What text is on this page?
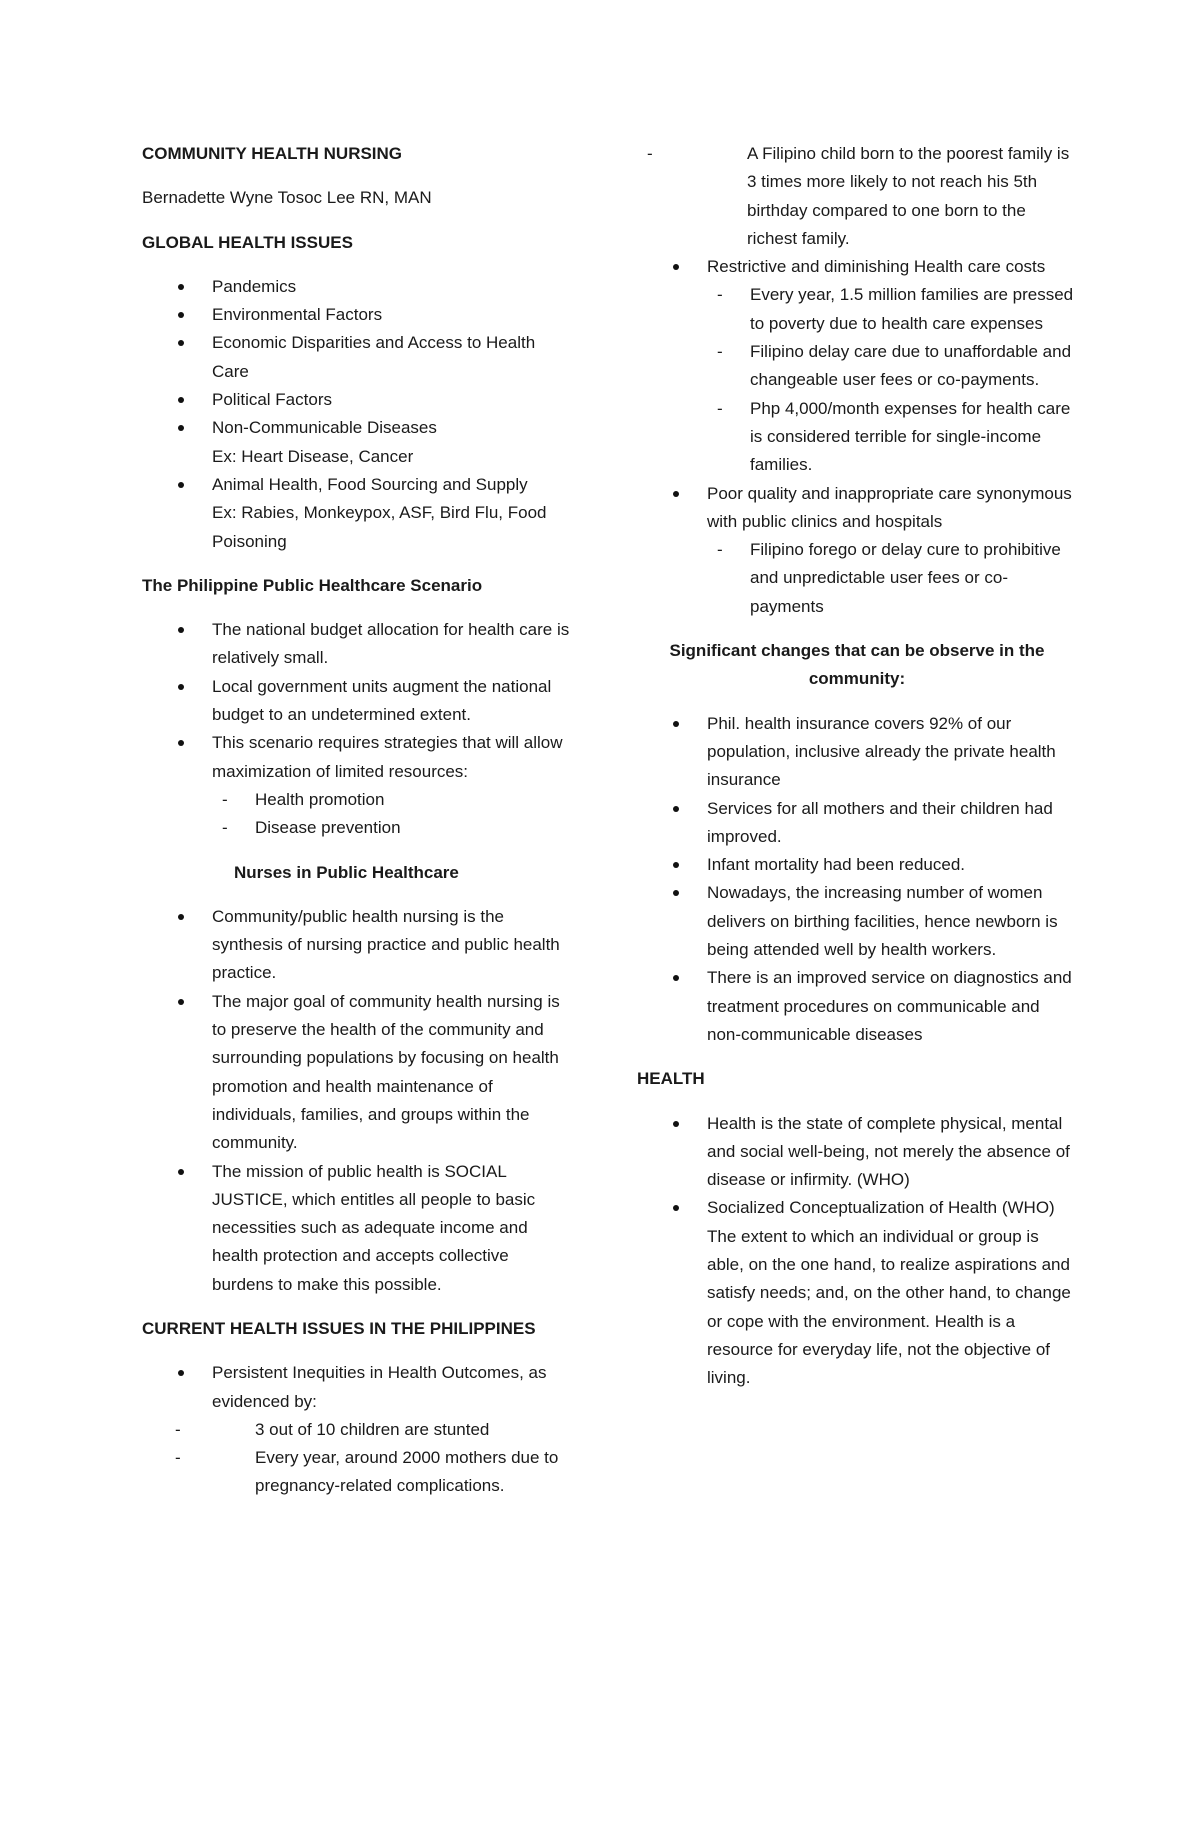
COMMUNITY HEALTH NURSING

Bernadette Wyne Tosoc Lee RN, MAN

GLOBAL HEALTH ISSUES

Pandemics
Environmental Factors
Economic Disparities and Access to Health Care
Political Factors
Non-Communicable Diseases
Ex: Heart Disease, Cancer
Animal Health, Food Sourcing and Supply
Ex: Rabies, Monkeypox, ASF, Bird Flu, Food Poisoning

The Philippine Public Healthcare Scenario

The national budget allocation for health care is relatively small.
Local government units augment the national budget to an undetermined extent.
This scenario requires strategies that will allow maximization of limited resources:
- Health promotion
- Disease prevention

Nurses in Public Healthcare

Community/public health nursing is the synthesis of nursing practice and public health practice.
The major goal of community health nursing is to preserve the health of the community and surrounding populations by focusing on health promotion and health maintenance of individuals, families, and groups within the community.
The mission of public health is SOCIAL JUSTICE, which entitles all people to basic necessities such as adequate income and health protection and accepts collective burdens to make this possible.

CURRENT HEALTH ISSUES IN THE PHILIPPINES

Persistent Inequities in Health Outcomes, as evidenced by:
- 3 out of 10 children are stunted
- Every year, around 2000 mothers due to pregnancy-related complications.
- A Filipino child born to the poorest family is 3 times more likely to not reach his 5th birthday compared to one born to the richest family.
Restrictive and diminishing Health care costs
- Every year, 1.5 million families are pressed to poverty due to health care expenses
- Filipino delay care due to unaffordable and changeable user fees or co-payments.
- Php 4,000/month expenses for health care is considered terrible for single-income families.
Poor quality and inappropriate care synonymous with public clinics and hospitals
- Filipino forego or delay cure to prohibitive and unpredictable user fees or co-payments

Significant changes that can be observe in the community:

Phil. health insurance covers 92% of our population, inclusive already the private health insurance
Services for all mothers and their children had improved.
Infant mortality had been reduced.
Nowadays, the increasing number of women delivers on birthing facilities, hence newborn is being attended well by health workers.
There is an improved service on diagnostics and treatment procedures on communicable and non-communicable diseases

HEALTH

Health is the state of complete physical, mental and social well-being, not merely the absence of disease or infirmity. (WHO)
Socialized Conceptualization of Health (WHO)
The extent to which an individual or group is able, on the one hand, to realize aspirations and satisfy needs; and, on the other hand, to change or cope with the environment. Health is a resource for everyday life, not the objective of living.
